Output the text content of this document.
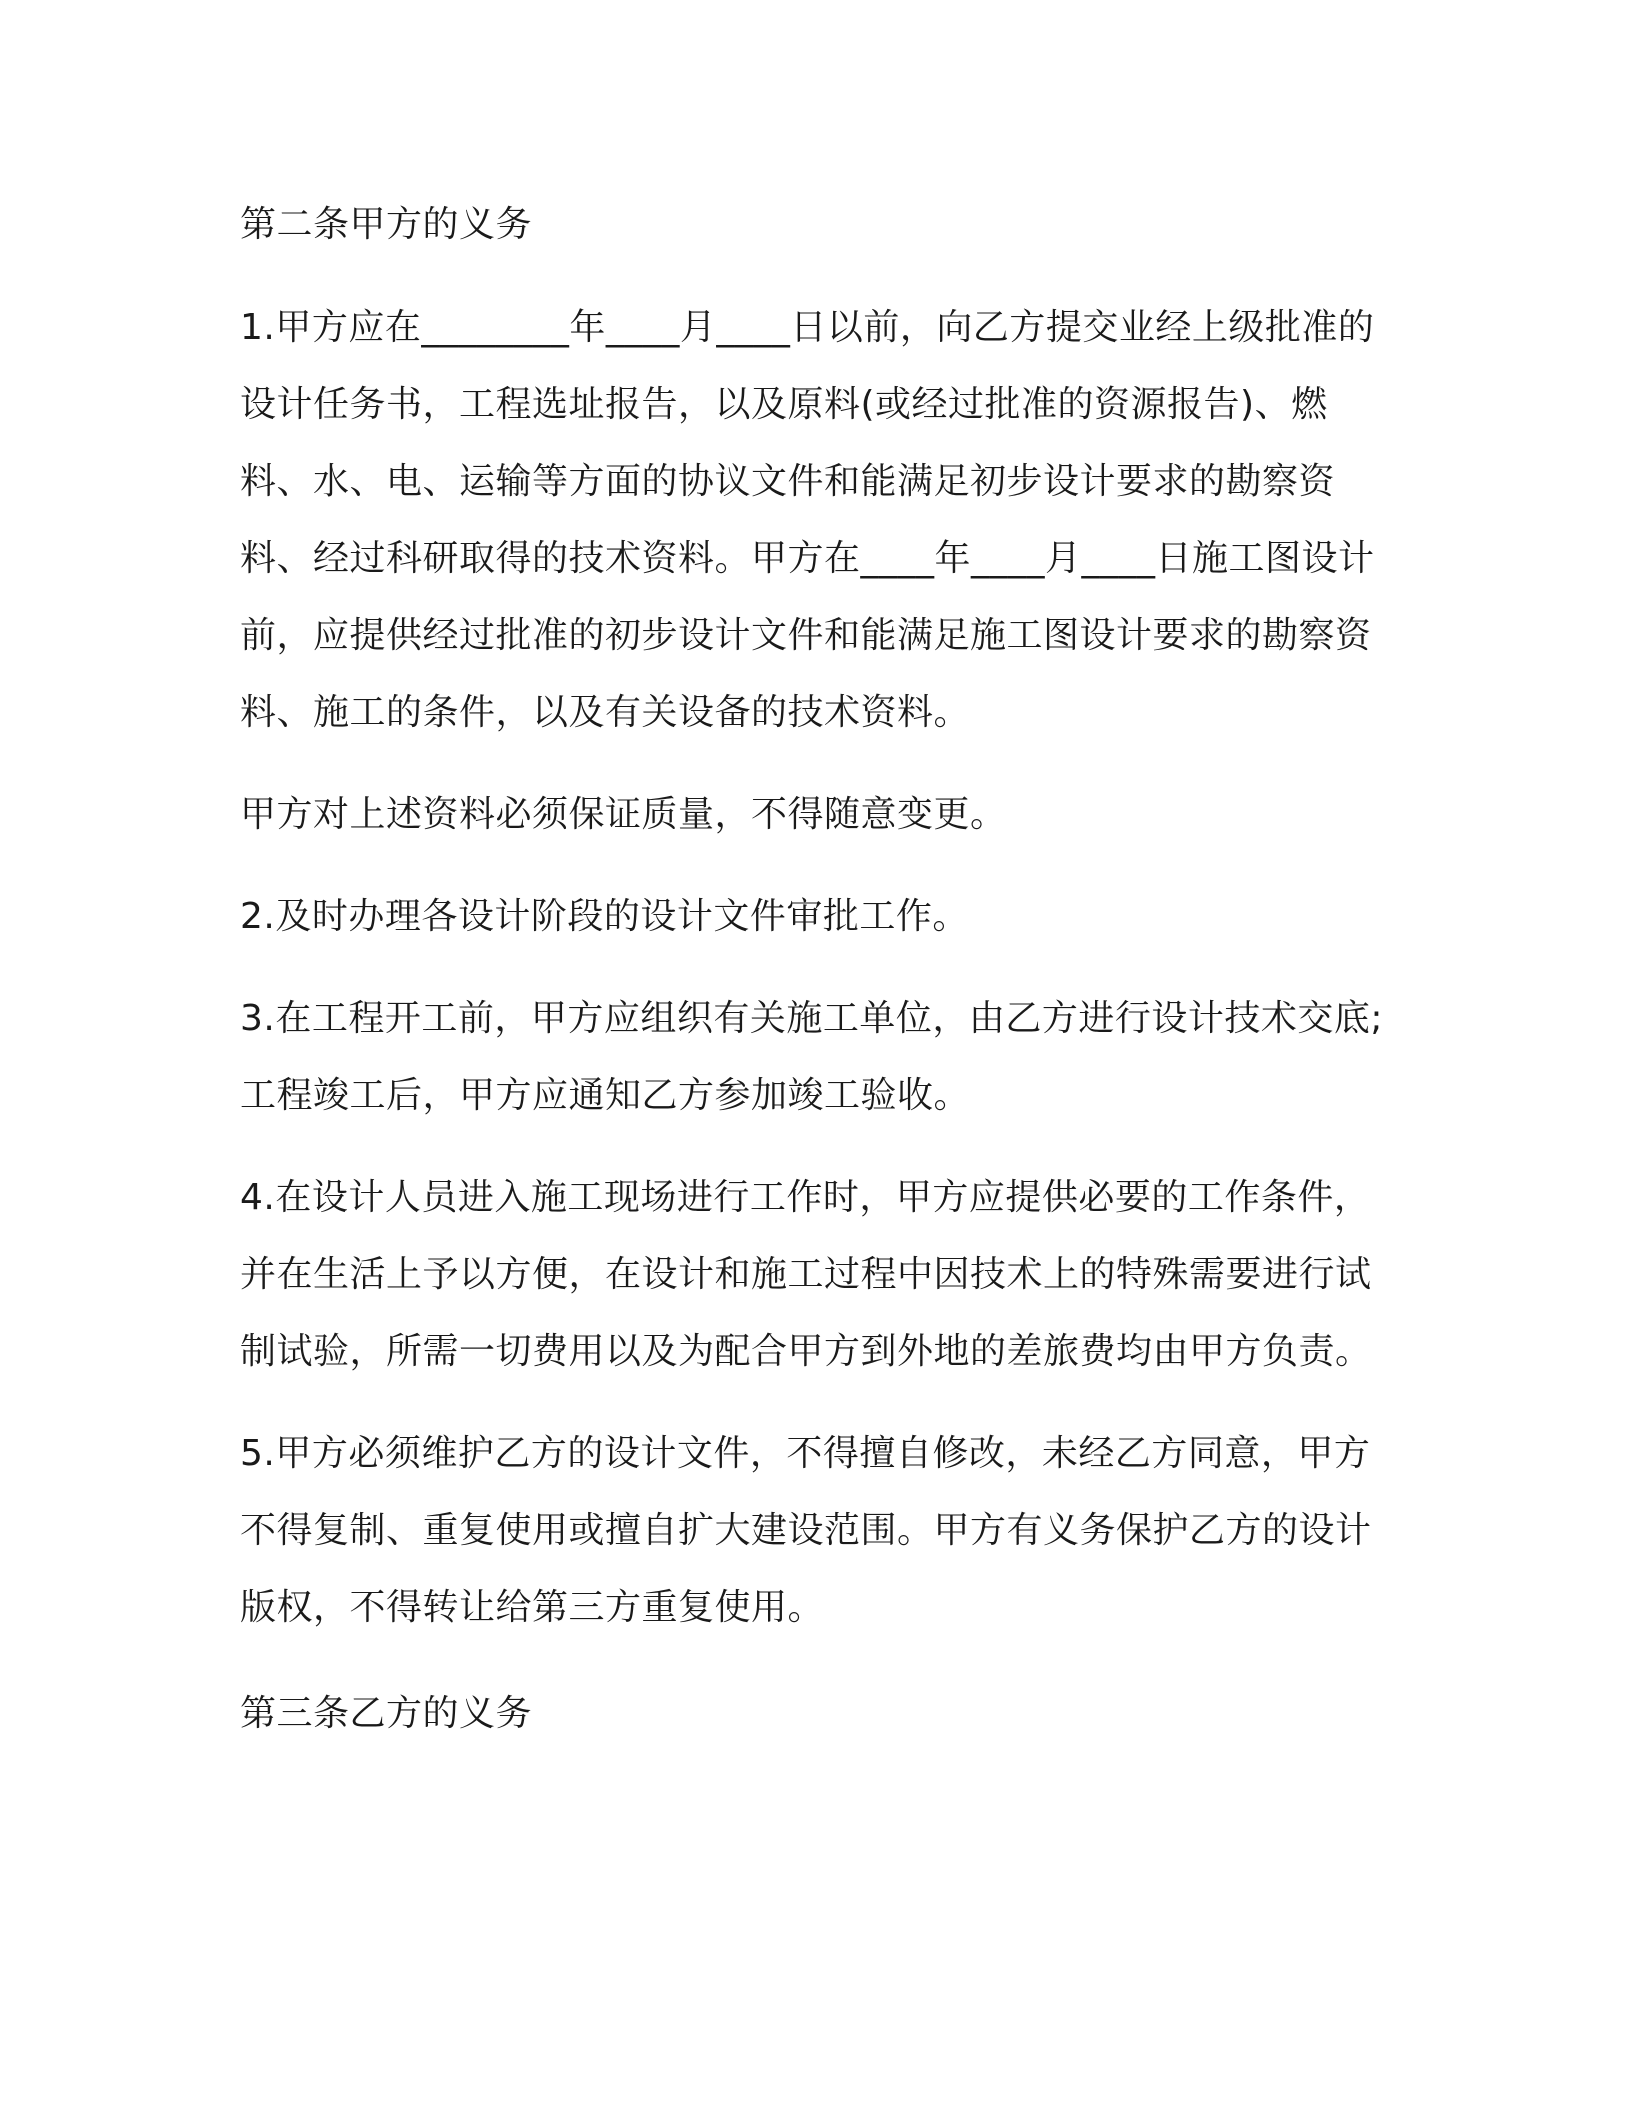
第二条甲方的义务

1.甲方应在________年____月____日以前，向乙方提交业经上级批准的设计任务书，工程选址报告，以及原料(或经过批准的资源报告)、燃料、水、电、运输等方面的协议文件和能满足初步设计要求的勘察资料、经过科研取得的技术资料。甲方在____年____月____日施工图设计前，应提供经过批准的初步设计文件和能满足施工图设计要求的勘察资料、施工的条件，以及有关设备的技术资料。

甲方对上述资料必须保证质量，不得随意变更。

2.及时办理各设计阶段的设计文件审批工作。

3.在工程开工前，甲方应组织有关施工单位，由乙方进行设计技术交底;工程竣工后，甲方应通知乙方参加竣工验收。

4.在设计人员进入施工现场进行工作时，甲方应提供必要的工作条件，并在生活上予以方便，在设计和施工过程中因技术上的特殊需要进行试制试验，所需一切费用以及为配合甲方到外地的差旅费均由甲方负责。

5.甲方必须维护乙方的设计文件，不得擅自修改，未经乙方同意，甲方不得复制、重复使用或擅自扩大建设范围。甲方有义务保护乙方的设计版权，不得转让给第三方重复使用。

第三条乙方的义务
